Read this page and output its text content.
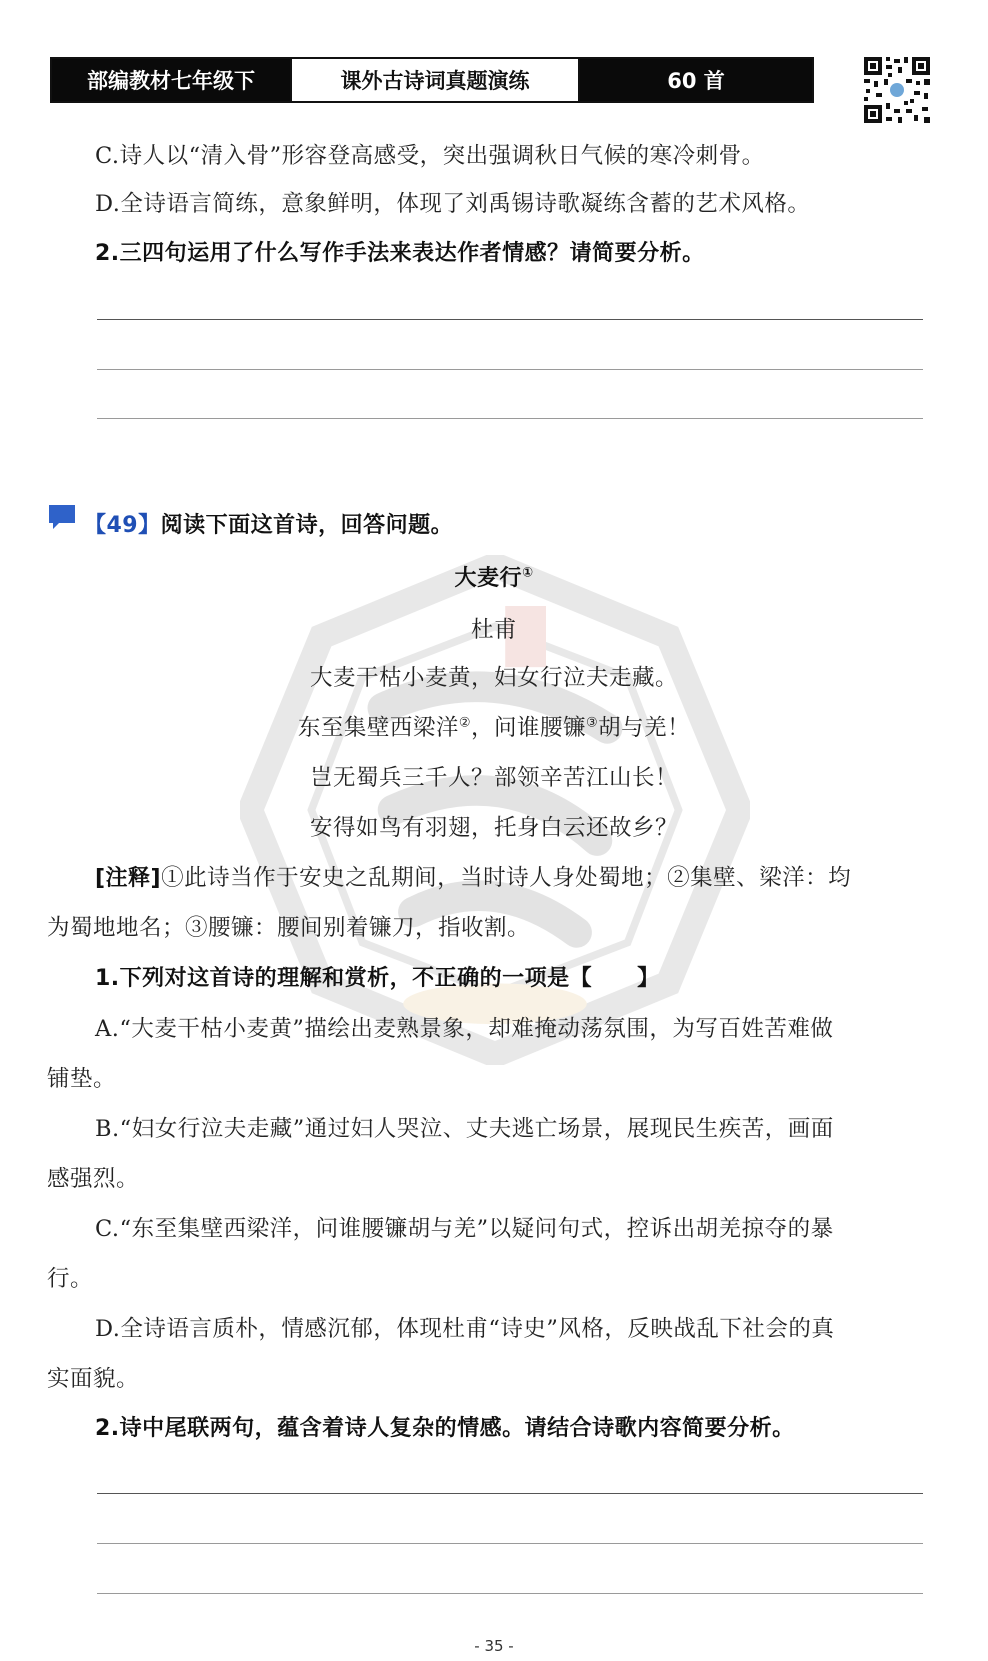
部编教材七年级下	课外古诗词真题演练	60 首
C.诗人以“清入骨”形容登高感受，突出强调秋日气候的寒冷刺骨。
D.全诗语言简练，意象鲜明，体现了刘禹锡诗歌凝练含蓄的艺术风格。
2.三四句运用了什么写作手法来表达作者情感？请简要分析。
【49】阅读下面这首诗，回答问题。
大麦行①
杜甫
大麦干枯小麦黄，妇女行泣夫走藏。
东至集壁西梁洋②，问谁腰镰③胡与羌！
岂无蜀兵三千人？部领辛苦江山长！
安得如鸟有羽翅，托身白云还故乡？
[注释]①此诗当作于安史之乱期间，当时诗人身处蜀地；②集壁、梁洋：均
为蜀地地名；③腰镰：腰间别着镰刀，指收割。
1.下列对这首诗的理解和赏析，不正确的一项是【　　】
A.“大麦干枯小麦黄”描绘出麦熟景象，却难掩动荡氛围，为写百姓苦难做
铺垫。
B.“妇女行泣夫走藏”通过妇人哭泣、丈夫逃亡场景，展现民生疾苦，画面
感强烈。
C.“东至集壁西梁洋，问谁腰镰胡与羌”以疑问句式，控诉出胡羌掠夺的暴
行。
D.全诗语言质朴，情感沉郁，体现杜甫“诗史”风格，反映战乱下社会的真
实面貌。
2.诗中尾联两句，蕴含着诗人复杂的情感。请结合诗歌内容简要分析。
- 35 -
